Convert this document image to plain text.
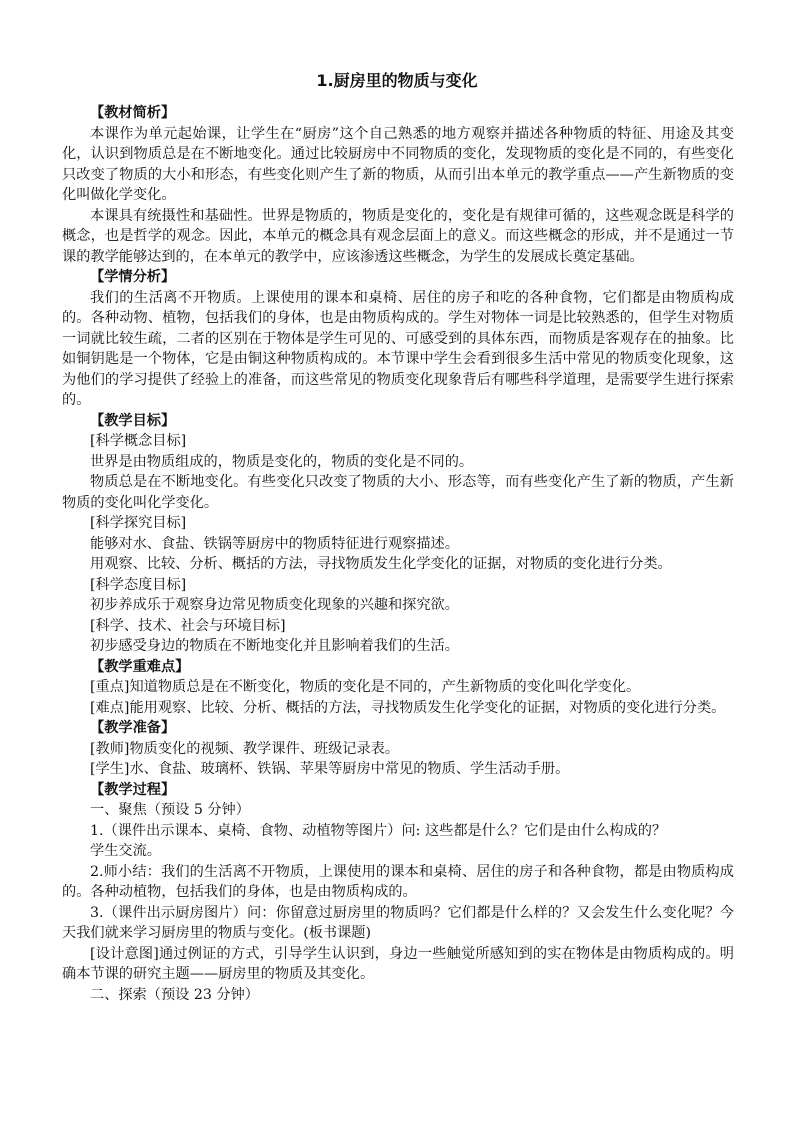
1.厨房里的物质与变化

【教材简析】

本课作为单元起始课，让学生在“厨房”这个自己熟悉的地方观察并描述各种物质的特征、用途及其变化，认识到物质总是在不断地变化。通过比较厨房中不同物质的变化，发现物质的变化是不同的，有些变化只改变了物质的大小和形态，有些变化则产生了新的物质，从而引出本单元的教学重点——产生新物质的变化叫做化学变化。

本课具有统摄性和基础性。世界是物质的，物质是变化的，变化是有规律可循的，这些观念既是科学的概念，也是哲学的观念。因此，本单元的概念具有观念层面上的意义。而这些概念的形成，并不是通过一节课的教学能够达到的，在本单元的教学中，应该渗透这些概念，为学生的发展成长奠定基础。

【学情分析】

我们的生活离不开物质。上课使用的课本和桌椅、居住的房子和吃的各种食物，它们都是由物质构成的。各种动物、植物，包括我们的身体，也是由物质构成的。学生对物体一词是比较熟悉的，但学生对物质一词就比较生疏，二者的区别在于物体是学生可见的、可感受到的具体东西，而物质是客观存在的抽象。比如铜钥匙是一个物体，它是由铜这种物质构成的。本节课中学生会看到很多生活中常见的物质变化现象，这为他们的学习提供了经验上的准备，而这些常见的物质变化现象背后有哪些科学道理，是需要学生进行探索的。

【教学目标】

[科学概念目标]

世界是由物质组成的，物质是变化的，物质的变化是不同的。

物质总是在不断地变化。有些变化只改变了物质的大小、形态等，而有些变化产生了新的物质，产生新物质的变化叫化学变化。

[科学探究目标]

能够对水、食盐、铁锅等厨房中的物质特征进行观察描述。

用观察、比较、分析、概括的方法，寻找物质发生化学变化的证据，对物质的变化进行分类。

[科学态度目标]

初步养成乐于观察身边常见物质变化现象的兴趣和探究欲。

[科学、技术、社会与环境目标]

初步感受身边的物质在不断地变化并且影响着我们的生活。

【教学重难点】

[重点]知道物质总是在不断变化，物质的变化是不同的，产生新物质的变化叫化学变化。

[难点]能用观察、比较、分析、概括的方法，寻找物质发生化学变化的证据，对物质的变化进行分类。

【教学准备】

[教师]物质变化的视频、教学课件、班级记录表。

[学生]水、食盐、玻璃杯、铁锅、苹果等厨房中常见的物质、学生活动手册。

【教学过程】

一、聚焦（预设 5 分钟）

1.（课件出示课本、桌椅、食物、动植物等图片）问: 这些都是什么？它们是由什么构成的？

学生交流。

2.师小结：我们的生活离不开物质，上课使用的课本和桌椅、居住的房子和各种食物，都是由物质构成的。各种动植物，包括我们的身体，也是由物质构成的。

3.（课件出示厨房图片）问：你留意过厨房里的物质吗？它们都是什么样的？又会发生什么变化呢？今天我们就来学习厨房里的物质与变化。(板书课题)

[设计意图]通过例证的方式，引导学生认识到，身边一些触觉所感知到的实在物体是由物质构成的。明确本节课的研究主题——厨房里的物质及其变化。

二、探索（预设 23 分钟）
